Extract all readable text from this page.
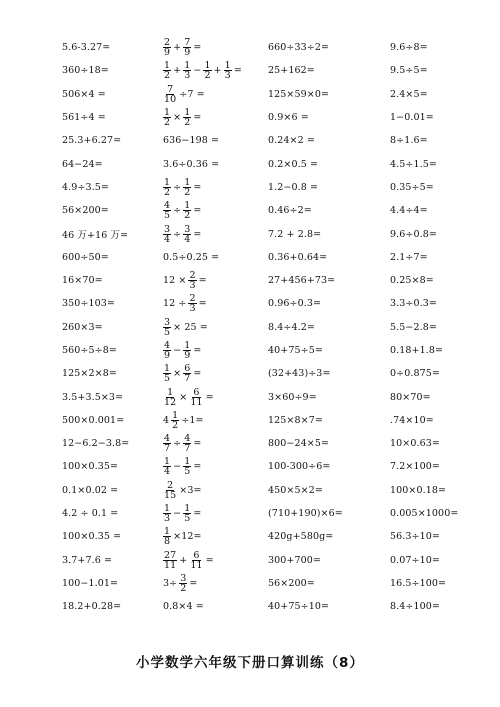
5.6-3.27=
360÷18=
506×4 =
561÷4 =
25.3+6.27=
64−24=
4.9÷3.5=
56×200=
46 万+16 万=
600÷50=
16×70=
350÷103=
260×3=
560÷5÷8=
125×2×8=
3.5+3.5×3=
500×0.001=
12−6.2−3.8=
100×0.35=
0.1×0.02 =
4.2 ÷ 0.1 =
100×0.35 =
3.7+7.6 =
100−1.01=
18.2+0.28=
$\frac{2}{9} + \frac{7}{9}$ =
$\frac{1}{2} + \frac{1}{3} - \frac{1}{2} + \frac{1}{3}$ =
$\frac{7}{10} \div 7$ =
$\frac{1}{2} \times \frac{1}{2}$ =
636−198 =
3.6÷0.36 =
$\frac{1}{2} \div \frac{1}{2}$ =
$\frac{4}{5} \div \frac{1}{2}$ =
$\frac{3}{4} \div \frac{3}{4}$ =
0.5÷0.25 =
$12 \times \frac{2}{3}$ =
$12 \div \frac{2}{3}$ =
$\frac{3}{5} \times 25$ =
$\frac{4}{9} - \frac{1}{9}$ =
$\frac{1}{5} \times \frac{6}{7}$ =
$\frac{1}{12} \times \frac{6}{11}$ =
$4 \frac{1}{2} \div 1=$
$\frac{4}{7} \div \frac{4}{7}$ =
$\frac{1}{4} - \frac{1}{5}$ =
$\frac{2}{15} \times 3=$
$\frac{1}{3} - \frac{1}{5}$ =
$\frac{1}{8} \times 12=$
$\frac{27}{11} + \frac{6}{11}$ =
$3\div \frac{3}{2}$ =
0.8×4 =
660÷33÷2=
25+162=
125×59×0=
0.9×6 =
0.24×2 =
0.2×0.5 =
1.2−0.8 =
0.46÷2=
7.2 + 2.8=
0.36+0.64=
27+456+73=
0.96÷0.3=
8.4÷4.2=
40+75÷5=
(32+43)÷3=
3×60÷9=
125×8×7=
800−24×5=
100-300÷6=
450×5×2=
(710+190)×6=
420g+580g=
300+700=
56×200=
40+75÷10=
9.6÷8=
9.5÷5=
2.4×5=
1−0.01=
8÷1.6=
4.5÷1.5=
0.35÷5=
4.4÷4=
9.6÷0.8=
2.1÷7=
0.25×8=
3.3÷0.3=
5.5−2.8=
0.18+1.8=
0÷0.875=
80×70=
.74×10=
10×0.63=
7.2×100=
100×0.18=
0.005×1000=
56.3÷10=
0.07÷10=
16.5÷100=
8.4÷100=
小学数学六年级下册口算训练（8）
